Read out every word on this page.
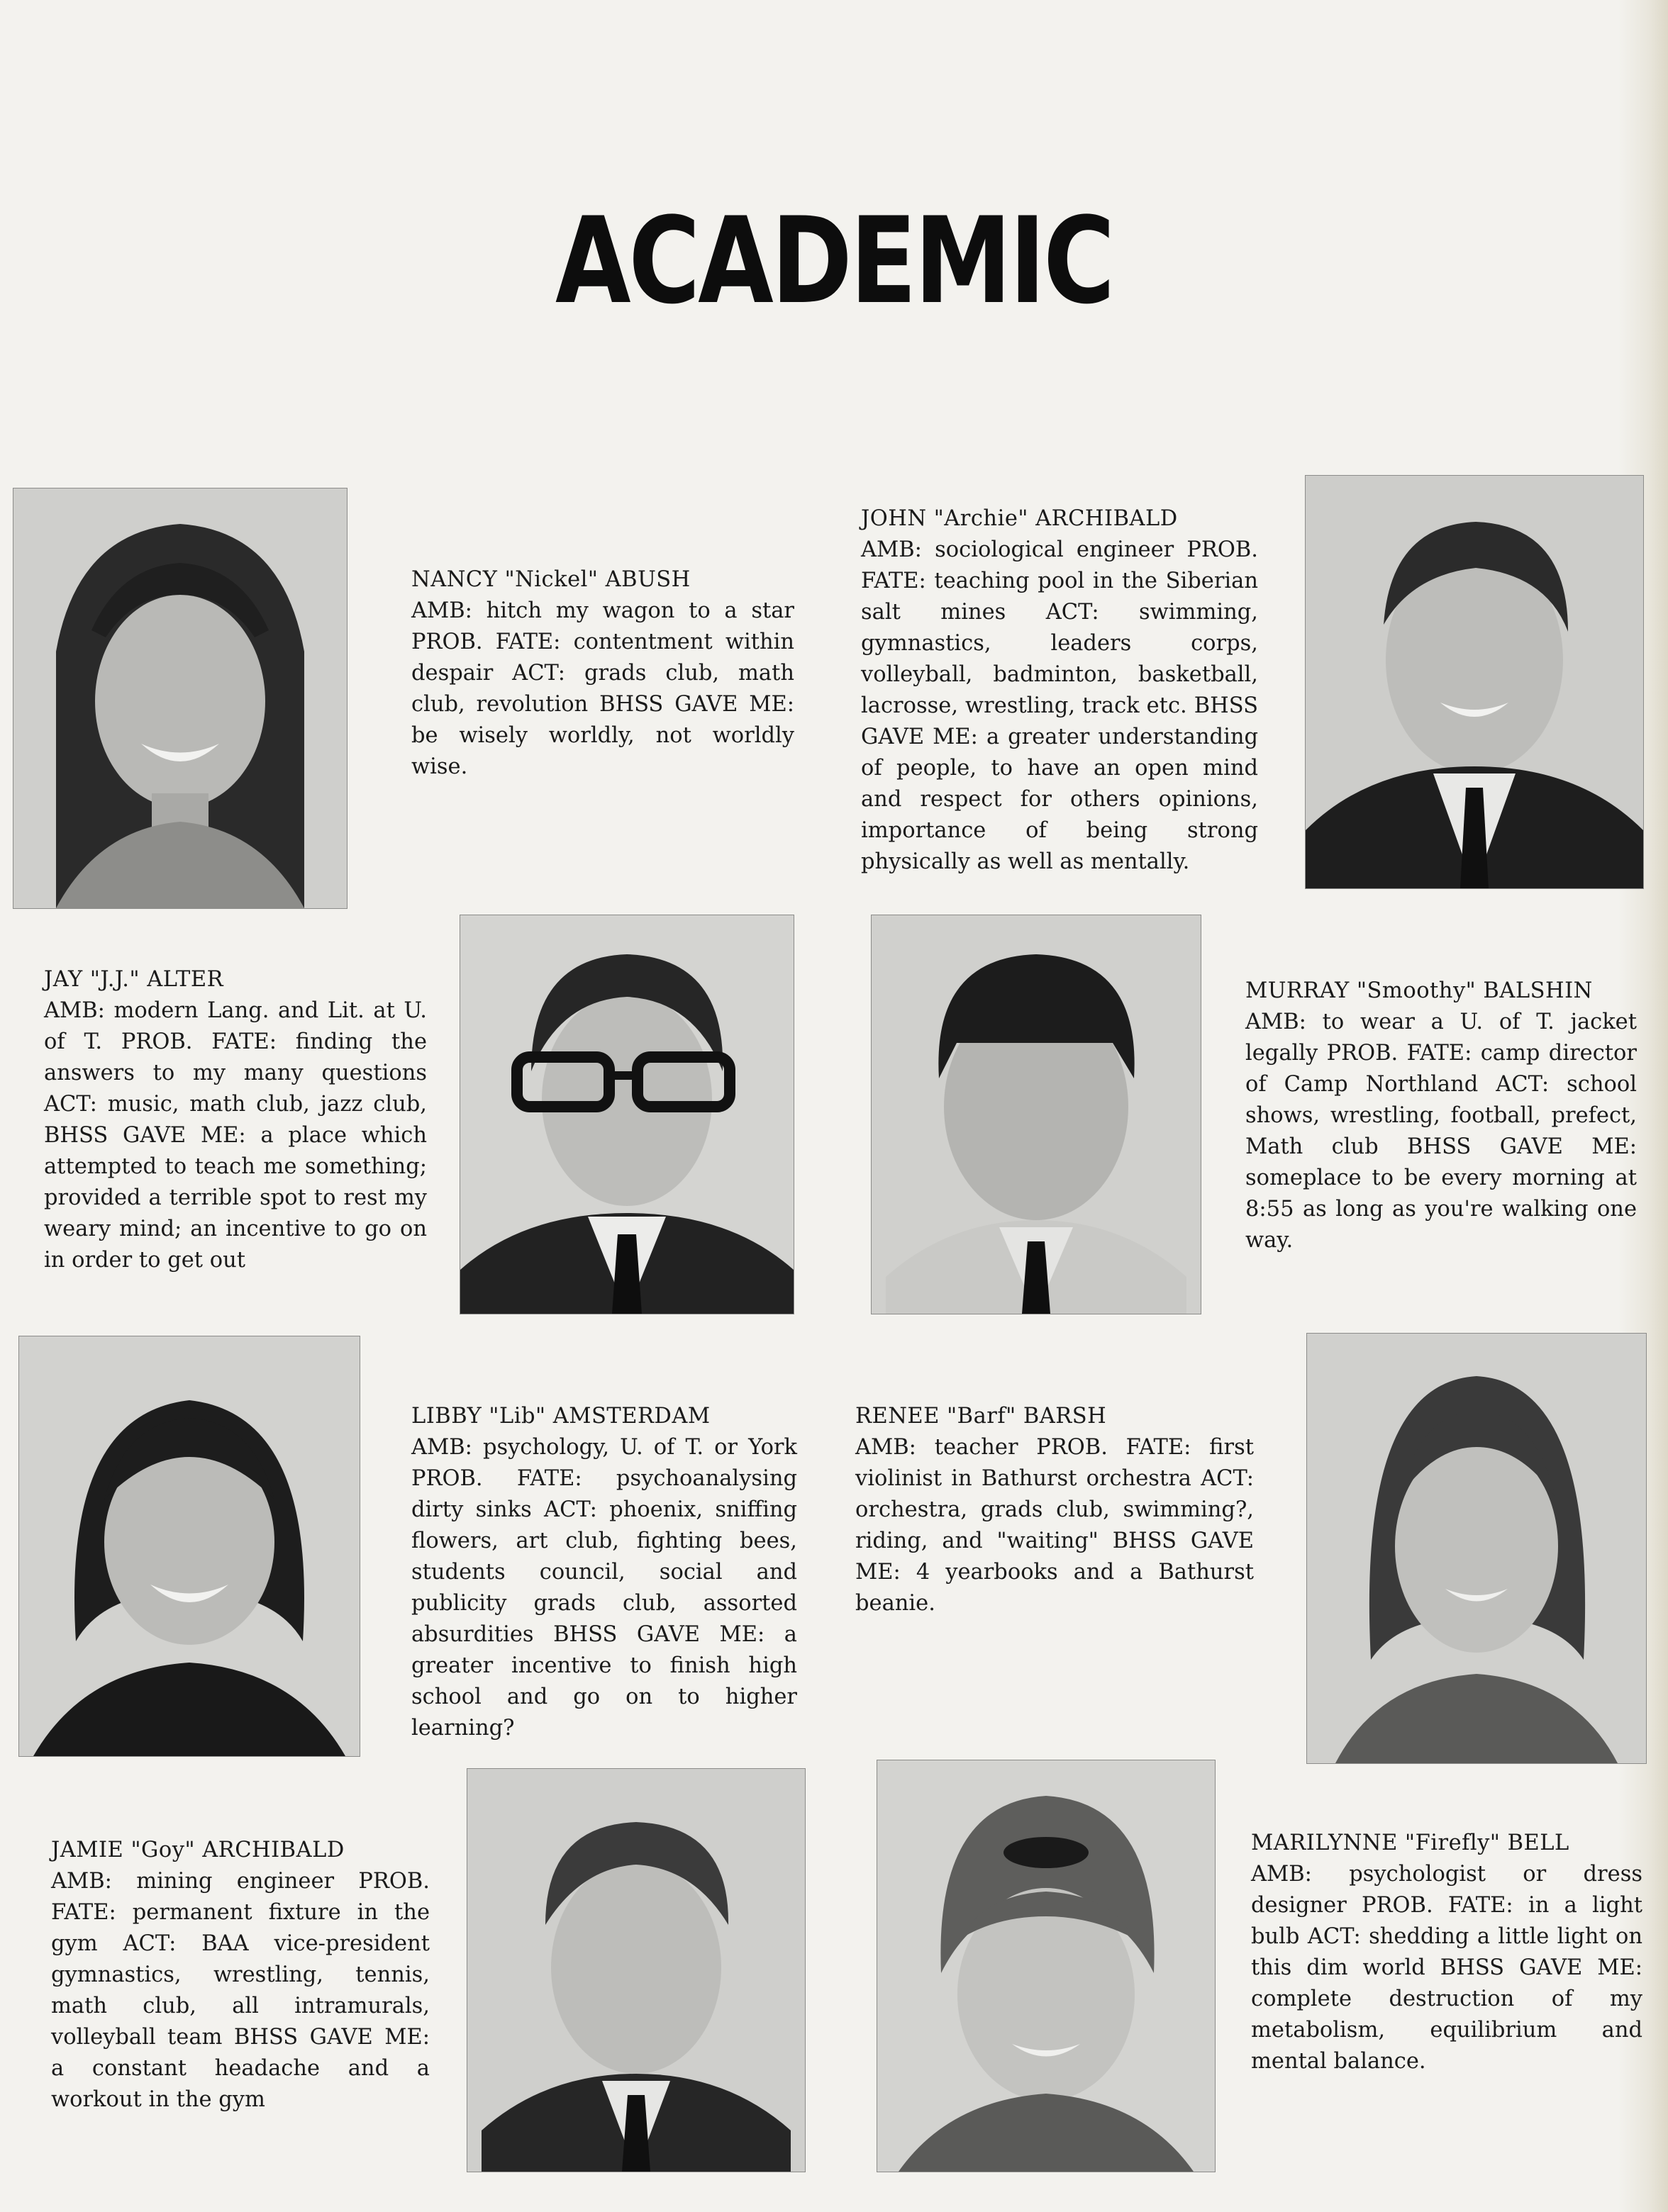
ACADEMIC
NANCY "Nickel" ABUSH
AMB: hitch my wagon to a star PROB. FATE: contentment within despair ACT: grads club, math club, revolution BHSS GAVE ME: be wisely worldly, not worldly wise.
JOHN "Archie" ARCHIBALD
AMB: sociological engineer PROB. FATE: teaching pool in the Siberian salt mines ACT: swimming, gymnastics, leaders corps, volleyball, badminton, basketball, lacrosse, wrestling, track etc. BHSS GAVE ME: a greater understanding of people, to have an open mind and respect for others opinions, importance of being strong physically as well as mentally.
JAY "J.J." ALTER
AMB: modern Lang. and Lit. at U. of T. PROB. FATE: finding the answers to my many questions ACT: music, math club, jazz club, BHSS GAVE ME: a place which attempted to teach me something; provided a terrible spot to rest my weary mind; an incentive to go on in order to get out
MURRAY "Smoothy" BALSHIN
AMB: to wear a U. of T. jacket legally PROB. FATE: camp director of Camp Northland ACT: school shows, wrestling, football, prefect, Math club BHSS GAVE ME: someplace to be every morning at 8:55 as long as you're walking one way.
LIBBY "Lib" AMSTERDAM
AMB: psychology, U. of T. or York PROB. FATE: psychoanalysing dirty sinks ACT: phoenix, sniffing flowers, art club, fighting bees, students council, social and publicity grads club, assorted absurdities BHSS GAVE ME: a greater incentive to finish high school and go on to higher learning?
RENEE "Barf" BARSH
AMB: teacher PROB. FATE: first violinist in Bathurst orchestra ACT: orchestra, grads club, swimming?, riding, and "waiting" BHSS GAVE ME: 4 yearbooks and a Bathurst beanie.
JAMIE "Goy" ARCHIBALD
AMB: mining engineer PROB. FATE: permanent fixture in the gym ACT: BAA vice-president gymnastics, wrestling, tennis, math club, all intramurals, volleyball team BHSS GAVE ME: a constant headache and a workout in the gym
MARILYNNE "Firefly" BELL
AMB: psychologist or dress designer PROB. FATE: in a light bulb ACT: shedding a little light on this dim world BHSS GAVE ME: complete destruction of my metabolism, equilibrium and mental balance.
